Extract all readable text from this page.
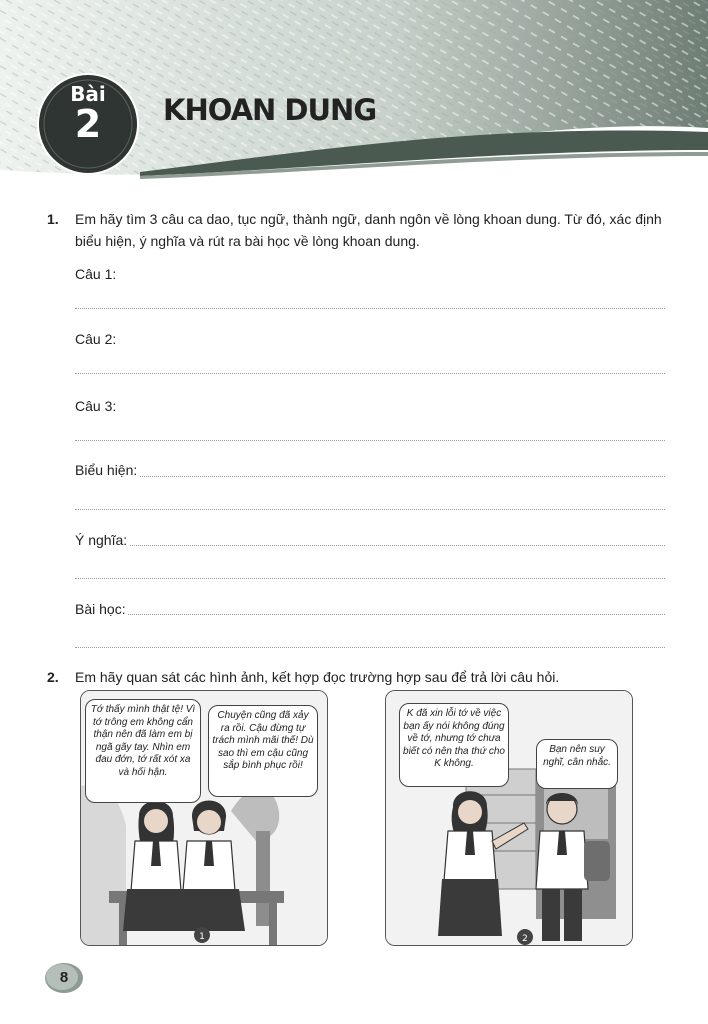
Bài
2	KHOAN DUNG
1. Em hãy tìm 3 câu ca dao, tục ngữ, thành ngữ, danh ngôn về lòng khoan dung. Từ đó, xác định biểu hiện, ý nghĩa và rút ra bài học về lòng khoan dung.
Câu 1:
Câu 2:
Câu 3:
Biểu hiện:
Ý nghĩa:
Bài học:
2. Em hãy quan sát các hình ảnh, kết hợp đọc trường hợp sau để trả lời câu hỏi.
1
Tớ thấy mình thật tệ! Vì tớ trông em không cẩn thận nên đã làm em bị ngã gãy tay. Nhìn em đau đớn, tớ rất xót xa và hối hận.
Chuyện cũng đã xảy ra rồi. Cậu đừng tự trách mình mãi thế! Dù sao thì em cậu cũng sắp bình phục rồi!
2
K đã xin lỗi tớ về việc bạn ấy nói không đúng về tớ, nhưng tớ chưa biết có nên tha thứ cho K không.
Bạn nên suy nghĩ, cân nhắc.
8
